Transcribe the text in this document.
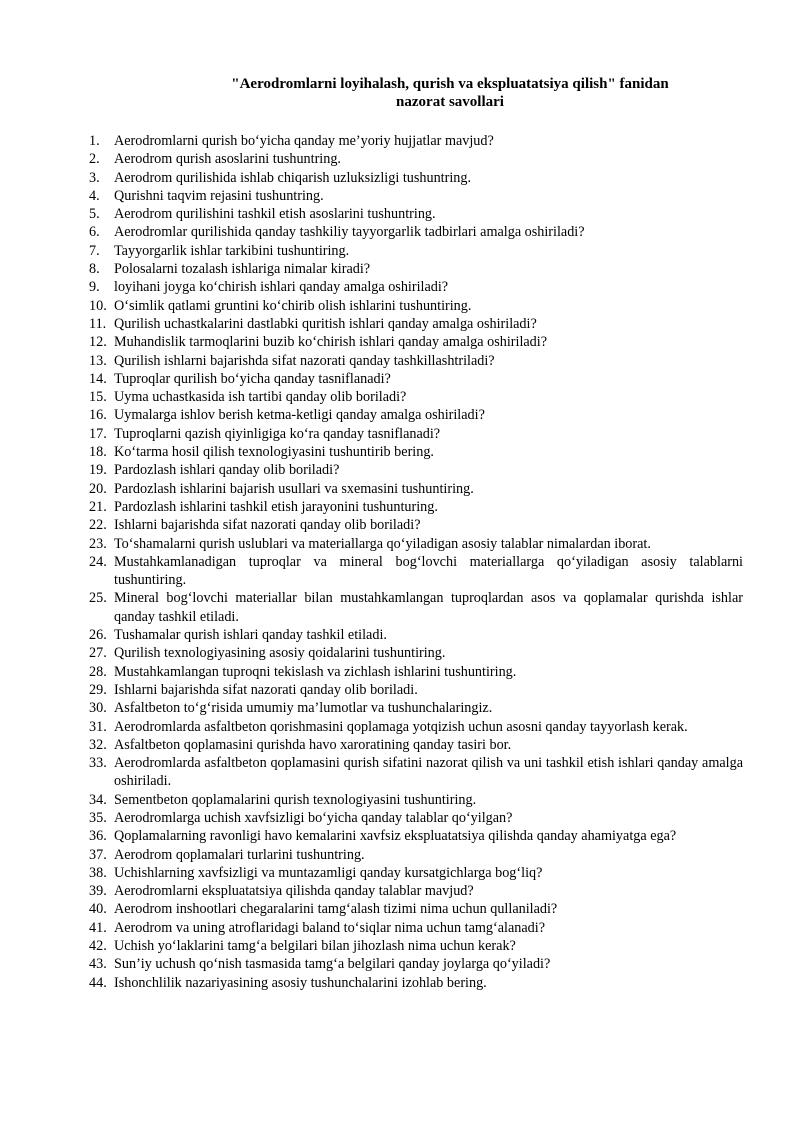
"Aerodromlarni loyihalash, qurish va ekspluatatsiya qilish" fanidan
nazorat savollari
1. Aerodromlarni qurish bo‘yicha qanday me’yoriy hujjatlar mavjud?
2. Aerodrom qurish asoslarini tushuntring.
3. Aerodrom qurilishida ishlab chiqarish uzluksizligi tushuntring.
4. Qurishni taqvim rejasini tushuntring.
5. Aerodrom qurilishini tashkil etish asoslarini tushuntring.
6. Aerodromlar qurilishida qanday tashkiliy tayyorgarlik tadbirlari amalga oshiriladi?
7. Tayyorgarlik ishlar tarkibini tushuntiring.
8. Polosalarni tozalash ishlariga nimalar kiradi?
9. loyihani joyga ko‘chirish ishlari qanday amalga oshiriladi?
10. O‘simlik qatlami gruntini ko‘chirib olish ishlarini tushuntiring.
11. Qurilish uchastkalarini dastlabki quritish ishlari qanday amalga oshiriladi?
12. Muhandislik tarmoqlarini buzib ko‘chirish ishlari qanday amalga oshiriladi?
13. Qurilish ishlarni bajarishda sifat nazorati qanday tashkillashtriladi?
14. Tuproqlar qurilish bo‘yicha qanday tasniflanadi?
15. Uyma uchastkasida ish tartibi qanday olib boriladi?
16. Uymalarga ishlov berish ketma-ketligi qanday amalga oshiriladi?
17. Tuproqlarni qazish qiyinligiga ko‘ra qanday tasniflanadi?
18. Ko‘tarma hosil qilish texnologiyasini tushuntirib bering.
19. Pardozlash ishlari qanday olib boriladi?
20. Pardozlash ishlarini bajarish usullari va sxemasini tushuntiring.
21. Pardozlash ishlarini tashkil etish jarayonini tushunturing.
22. Ishlarni bajarishda sifat nazorati qanday olib boriladi?
23. To‘shamalarni qurish uslublari va materiallarga qo‘yiladigan asosiy talablar nimalardan iborat.
24. Mustahkamlanadigan tuproqlar va mineral bog‘lovchi materiallarga qo‘yiladigan asosiy talablarni tushuntiring.
25. Mineral bog‘lovchi materiallar bilan mustahkamlangan tuproqlardan asos va qoplamalar qurishda ishlar qanday tashkil etiladi.
26. Tushamalar qurish ishlari qanday tashkil etiladi.
27. Qurilish texnologiyasining asosiy qoidalarini tushuntiring.
28. Mustahkamlangan tuproqni tekislash va zichlash ishlarini tushuntiring.
29. Ishlarni bajarishda sifat nazorati qanday olib boriladi.
30. Asfaltbeton to‘g‘risida umumiy ma’lumotlar va tushunchalaringiz.
31. Aerodromlarda asfaltbeton qorishmasini qoplamaga yotqizish uchun asosni qanday tayyorlash kerak.
32. Asfaltbeton qoplamasini qurishda havo xaroratining qanday tasiri bor.
33. Aerodromlarda asfaltbeton qoplamasini qurish sifatini nazorat qilish va uni tashkil etish ishlari qanday amalga oshiriladi.
34. Sementbeton qoplamalarini qurish texnologiyasini tushuntiring.
35. Aerodromlarga uchish xavfsizligi bo‘yicha qanday talablar qo‘yilgan?
36. Qoplamalarning ravonligi havo kemalarini xavfsiz ekspluatatsiya qilishda qanday ahamiyatga ega?
37. Aerodrom qoplamalari turlarini tushuntring.
38. Uchishlarning xavfsizligi va muntazamligi qanday kursatgichlarga bog‘liq?
39. Aerodromlarni ekspluatatsiya qilishda qanday talablar mavjud?
40. Aerodrom inshootlari chegaralarini tamg‘alash tizimi nima uchun qullaniladi?
41. Aerodrom va uning atroflaridagi baland to‘siqlar nima uchun tamg‘alanadi?
42. Uchish yo‘laklarini tamg‘a belgilari bilan jihozlash nima uchun kerak?
43. Sun’iy uchush qo‘nish tasmasida tamg‘a belgilari qanday joylarga qo‘yiladi?
44. Ishonchlilik nazariyasining asosiy tushunchalarini izohlab bering.
